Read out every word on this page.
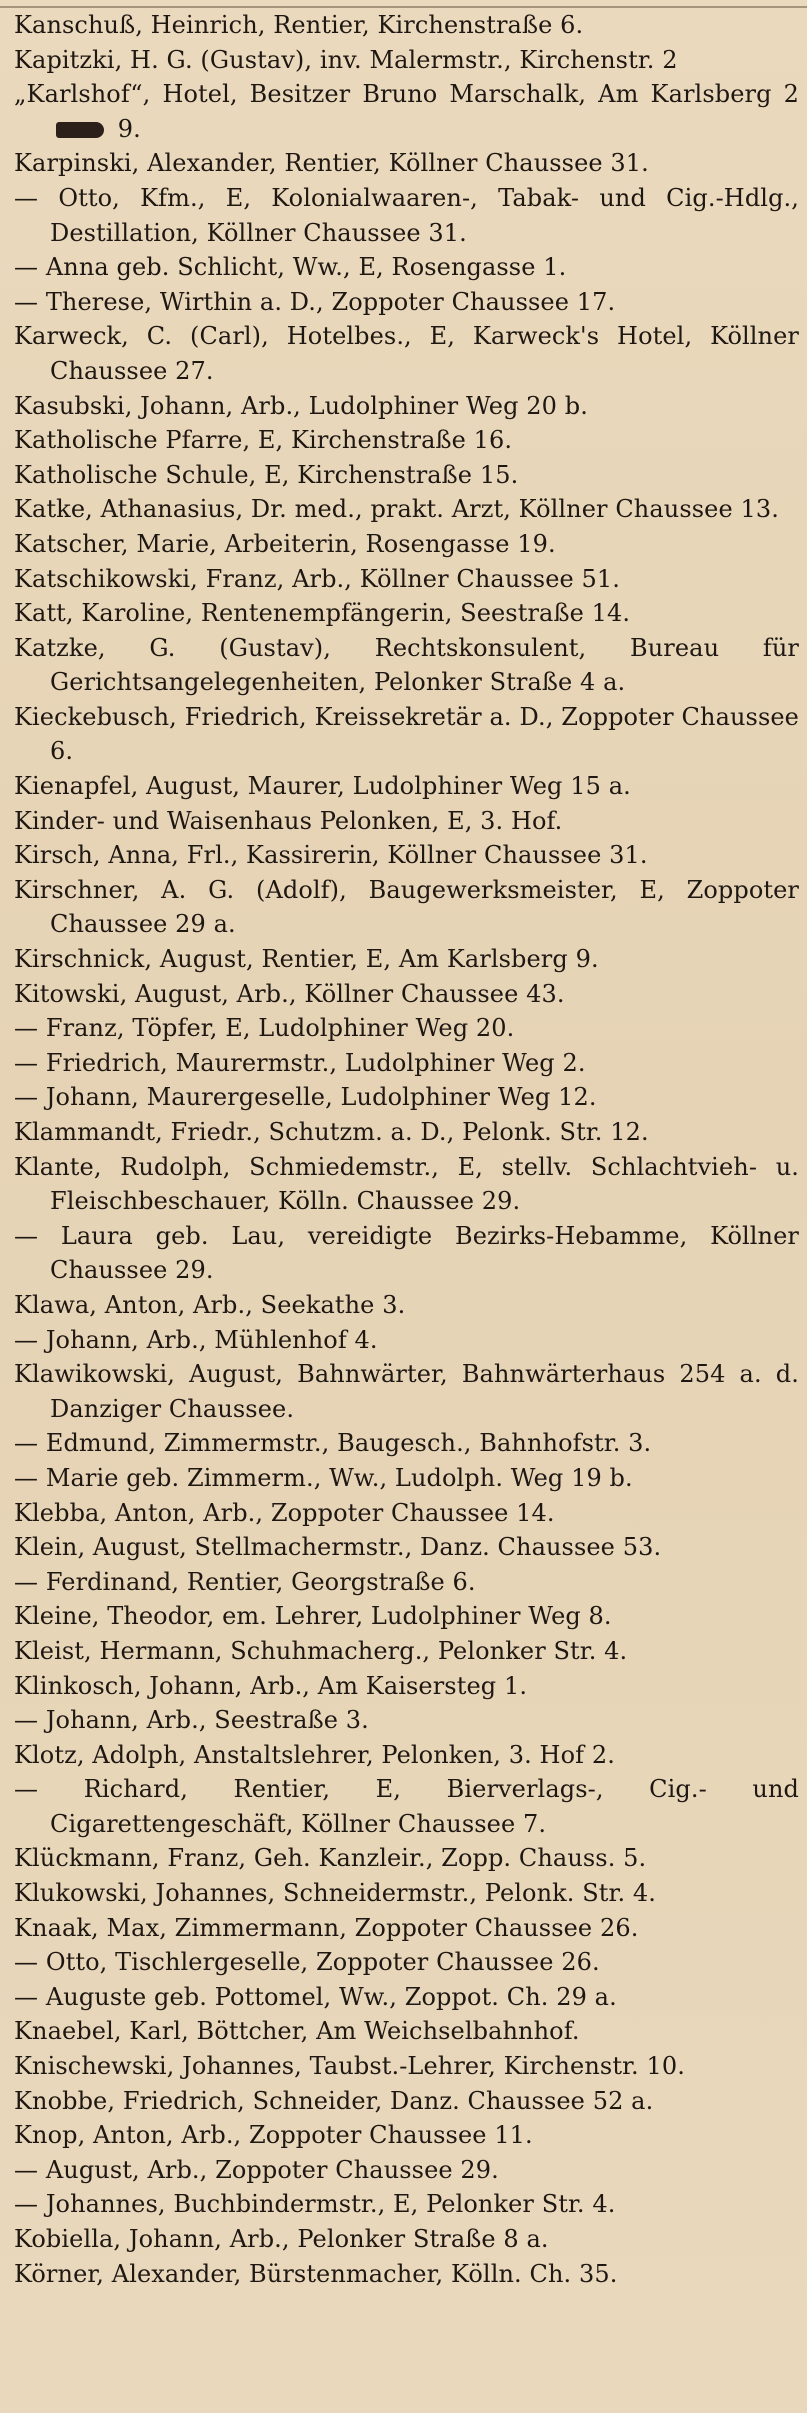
Kanschuß, Heinrich, Rentier, Kirchenstraße 6.

Kapitzki, H. G. (Gustav), inv. Malermstr., Kirchenstr. 2

„Karlshof“, Hotel, Besitzer Bruno Marschalk, Am Karlsberg 2  9.

Karpinski, Alexander, Rentier, Köllner Chaussee 31.

— Otto, Kfm., E, Kolonialwaaren-, Tabak- und Cig.-Hdlg., Destillation, Köllner Chaussee 31.

— Anna geb. Schlicht, Ww., E, Rosengasse 1.

— Therese, Wirthin a. D., Zoppoter Chaussee 17.

Karweck, C. (Carl), Hotelbes., E, Karweck's Hotel, Köllner Chaussee 27.

Kasubski, Johann, Arb., Ludolphiner Weg 20 b.

Katholische Pfarre, E, Kirchenstraße 16.

Katholische Schule, E, Kirchenstraße 15.

Katke, Athanasius, Dr. med., prakt. Arzt, Köllner Chaussee 13.

Katscher, Marie, Arbeiterin, Rosengasse 19.

Katschikowski, Franz, Arb., Köllner Chaussee 51.

Katt, Karoline, Rentenempfängerin, Seestraße 14.

Katzke, G. (Gustav), Rechtskonsulent, Bureau für Gerichtsangelegenheiten, Pelonker Straße 4 a.

Kieckebusch, Friedrich, Kreissekretär a. D., Zoppoter Chaussee 6.

Kienapfel, August, Maurer, Ludolphiner Weg 15 a.

Kinder- und Waisenhaus Pelonken, E, 3. Hof.

Kirsch, Anna, Frl., Kassirerin, Köllner Chaussee 31.

Kirschner, A. G. (Adolf), Baugewerksmeister, E, Zoppoter Chaussee 29 a.

Kirschnick, August, Rentier, E, Am Karlsberg 9.

Kitowski, August, Arb., Köllner Chaussee 43.

— Franz, Töpfer, E, Ludolphiner Weg 20.

— Friedrich, Maurermstr., Ludolphiner Weg 2.

— Johann, Maurergeselle, Ludolphiner Weg 12.

Klammandt, Friedr., Schutzm. a. D., Pelonk. Str. 12.

Klante, Rudolph, Schmiedemstr., E, stellv. Schlachtvieh- u. Fleischbeschauer, Kölln. Chaussee 29.

— Laura geb. Lau, vereidigte Bezirks-Hebamme, Köllner Chaussee 29.

Klawa, Anton, Arb., Seekathe 3.

— Johann, Arb., Mühlenhof 4.

Klawikowski, August, Bahnwärter, Bahnwärterhaus 254 a. d. Danziger Chaussee.

— Edmund, Zimmermstr., Baugesch., Bahnhofstr. 3.

— Marie geb. Zimmerm., Ww., Ludolph. Weg 19 b.

Klebba, Anton, Arb., Zoppoter Chaussee 14.

Klein, August, Stellmachermstr., Danz. Chaussee 53.

— Ferdinand, Rentier, Georgstraße 6.

Kleine, Theodor, em. Lehrer, Ludolphiner Weg 8.

Kleist, Hermann, Schuhmacherg., Pelonker Str. 4.

Klinkosch, Johann, Arb., Am Kaisersteg 1.

— Johann, Arb., Seestraße 3.

Klotz, Adolph, Anstaltslehrer, Pelonken, 3. Hof 2.

— Richard, Rentier, E, Bierverlags-, Cig.- und Cigarettengeschäft, Köllner Chaussee 7.

Klückmann, Franz, Geh. Kanzleir., Zopp. Chauss. 5.

Klukowski, Johannes, Schneidermstr., Pelonk. Str. 4.

Knaak, Max, Zimmermann, Zoppoter Chaussee 26.

— Otto, Tischlergeselle, Zoppoter Chaussee 26.

— Auguste geb. Pottomel, Ww., Zoppot. Ch. 29 a.

Knaebel, Karl, Böttcher, Am Weichselbahnhof.

Knischewski, Johannes, Taubst.-Lehrer, Kirchenstr. 10.

Knobbe, Friedrich, Schneider, Danz. Chaussee 52 a.

Knop, Anton, Arb., Zoppoter Chaussee 11.

— August, Arb., Zoppoter Chaussee 29.

— Johannes, Buchbindermstr., E, Pelonker Str. 4.

Kobiella, Johann, Arb., Pelonker Straße 8 a.

Körner, Alexander, Bürstenmacher, Kölln. Ch. 35.
